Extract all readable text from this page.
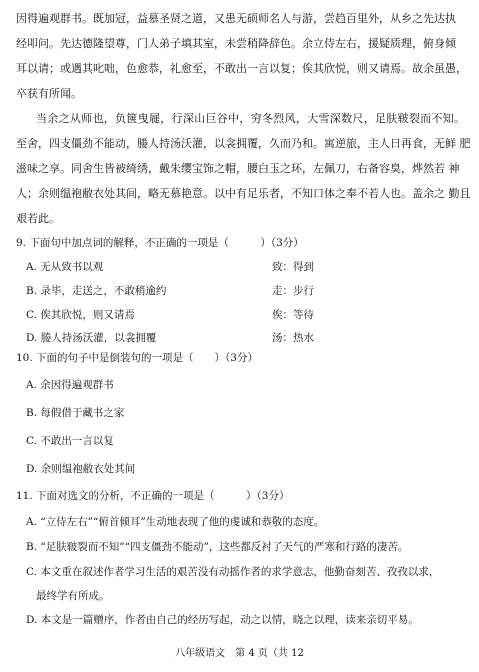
因得遍观群书。既加冠，益慕圣贤之道，又患无硕师名人与游，尝趋百里外，从乡之先达执
经叩问。先达德隆望尊，门人弟子填其室，未尝稍降辞色。余立侍左右，援疑质理，俯身倾
耳以请；或遇其叱咄，色愈恭，礼愈至，不敢出一言以复；俟其欣悦，则又请焉。故余虽愚，
卒获有所闻。
当余之从师也，负箧曳屣，行深山巨谷中，穷冬烈风，大雪深数尺，足肤皲裂而不知。
至舍，四支僵劲不能动，媵人持汤沃灌，以衾拥覆，久而乃和。寓逆旅，主人日再食，无鲜 肥
滋味之享。同舍生皆被绮绣，戴朱缨宝饰之帽，腰白玉之环，左佩刀，右备容臭，烨然若 神
人；余则缊袍敝衣处其间，略无慕艳意。以中有足乐者，不知口体之奉不若人也。盖余之 勤且
艰若此。
9. 下面句中加点词的解释，不正确的一项是（　　　）（3分）
A. 无从致书以观	致：得到
B. 录毕，走送之，不敢稍逾约	走：步行
C. 俟其欣悦，则又请焉	俟：等待
D. 媵人持汤沃灌，以衾拥覆	汤：热水
10. 下面的句子中是倒装句的一项是（　　）（3分）
A. 余因得遍观群书
B. 每假借于藏书之家
C. 不敢出一言以复
D. 余则缊袍敝衣处其间
11. 下面对选文的分析，不正确的一项是（　　　）（3分）
A. “立侍左右”“俯首倾耳”生动地表现了他的虔诚和恭敬的态度。
B. “足肤皲裂而不知”“四支僵劲不能动”，这些都反衬了天气的严寒和行路的凄苦。
C. 本文重在叙述作者学习生活的艰苦没有动摇作者的求学意志，他勤奋刻苦、孜孜以求，
最终学有所成。
D. 本文是一篇赠序，作者由自己的经历写起，动之以情，晓之以理，读来亲切平易。
八年级语文　第 4 页（共 12
